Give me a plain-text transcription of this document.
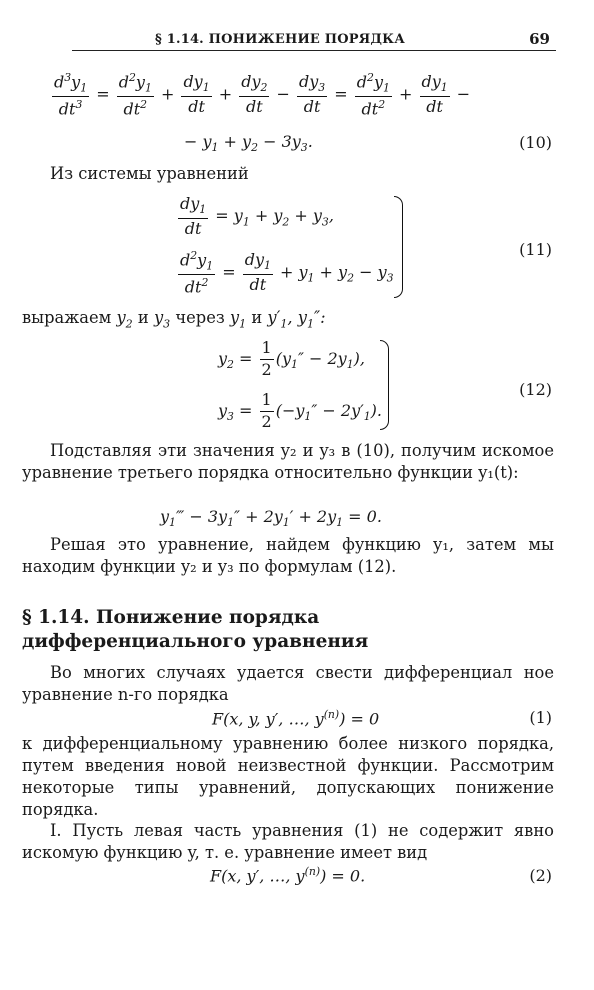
§ 1.14. ПОНИЖЕНИЕ ПОРЯДКА	69
$\frac{d^3y_1}{dt^3} = \frac{d^2y_1}{dt^2} + \frac{dy_1}{dt} + \frac{dy_2}{dt} - \frac{dy_3}{dt} = \frac{d^2y_1}{dt^2} + \frac{dy_1}{dt}$ −
− $y_1 + y_2 - 3y_3$.	(10)
Из системы уравнений
$\frac{dy_1}{dt} = y_1 + y_2 + y_3$,
$\frac{d^2y_1}{dt^2} = \frac{dy_1}{dt} + y_1 + y_2 - y_3$
(11)
выражаем $y_2$ и $y_3$ через $y_1$ и $y'_1$, $y_1''$:
$y_2 = \frac{1}{2} (y_1'' - 2y_1)$,
$y_3 = \frac{1}{2} (-y_1'' - 2y'_1)$.
(12)
Подставляя эти значения y₂ и y₃ в (10), получим искомое уравнение третьего порядка относительно функции y₁(t):
$y_1‴ - 3y_1'' + 2y_1' + 2y_1 = 0$.
Решая это уравнение, найдем функцию y₁, затем мы находим функции y₂ и y₃ по формулам (12).
§ 1.14. Понижение порядка
дифференциального уравнения
Во многих случаях удается свести дифференциал ное уравнение n-го порядка
F(x, y, y′, …, $y^{(n)}) = 0$	(1)
к дифференциальному уравнению более низкого порядка, путем введения новой неизвестной функции. Рассмотрим некоторые типы уравнений, допускающих понижение порядка.
I. Пусть левая часть уравнения (1) не содержит явно искомую функцию y, т. е. уравнение имеет вид
F(x, y′, …, $y^{(n)}) = 0$.	(2)
